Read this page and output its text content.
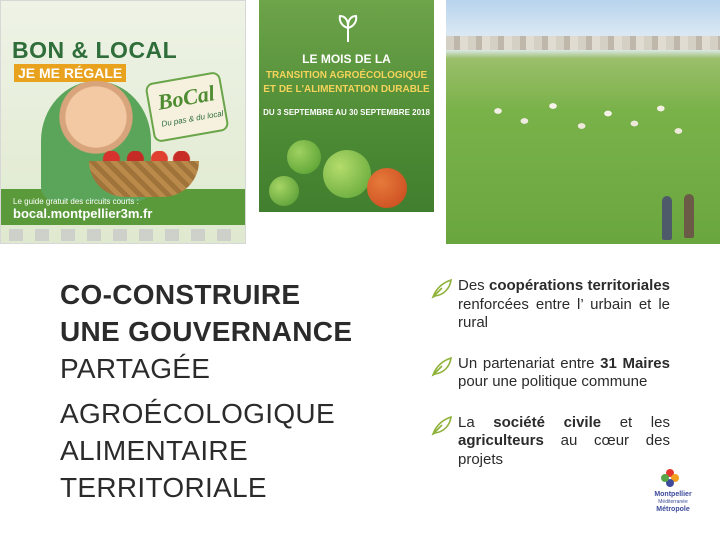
BON & LOCAL
JE ME RÉGALE
BoCal
Du pas & du local
Le guide gratuit des circuits courts :
bocal.montpellier3m.fr
LE MOIS DE LA
TRANSITION AGROÉCOLOGIQUE
ET DE L'ALIMENTATION DURABLE
DU 3 SEPTEMBRE AU 30 SEPTEMBRE 2018
CO-CONSTRUIRE
UNE GOUVERNANCE
PARTAGÉE
AGROÉCOLOGIQUE
ALIMENTAIRE
TERRITORIALE
Des coopérations territoriales renforcées entre l’ urbain et le rural
Un partenariat entre 31 Maires pour une politique commune
La société civile et les agriculteurs au cœur des projets
Montpellier
Méditerranée
Métropole
